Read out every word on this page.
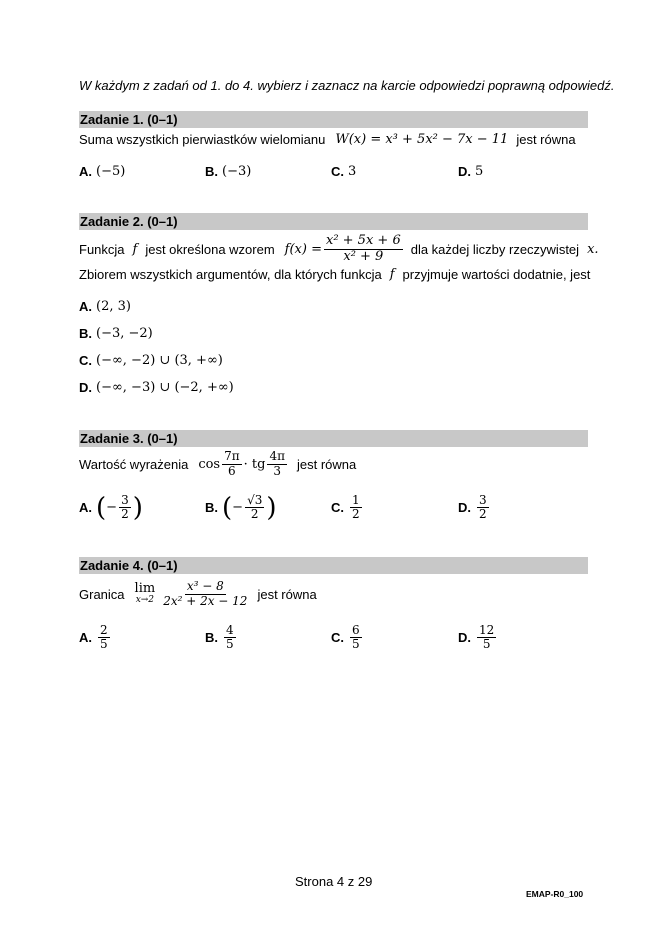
W każdym z zadań od 1. do 4. wybierz i zaznacz na karcie odpowiedzi poprawną odpowiedź.
Zadanie 1. (0–1)
Suma wszystkich pierwiastków wielomianu W(x) = x³ + 5x² − 7x − 11 jest równa
A. (−5)	B. (−3)	C. 3	D. 5
Zadanie 2. (0–1)
Funkcja f jest określona wzorem $f(x) = \frac{\text{x² + 5x + 6}}{\text{x² + 9}}$ dla każdej liczby rzeczywistej x.
Zbiorem wszystkich argumentów, dla których funkcja f przyjmuje wartości dodatnie, jest
A. (2, 3)
B. (−3, −2)
C. (−∞, −2) ∪ (3, +∞)
D. (−∞, −3) ∪ (−2, +∞)
Zadanie 3. (0–1)
Wartość wyrażenia $\cos \frac{7\pi}{6}$ · tg $\frac{4\pi}{3}$ jest równa
A. ( − $\frac{3}{2}$ )	B. ( − $\frac{√3}{2}$ )	C. $\frac{1}{2}$	D. $\frac{3}{2}$
Zadanie 4. (0–1)
Granica lim
$x\to 2 \frac{\text{x³ − 8}}{\text{2x² + 2x − 12}}$ jest równa
A. $\frac{2}{5}$	B. $\frac{4}{5}$	C. $\frac{6}{5}$	D. $\frac{12}{5}$
Strona 4 z 29
EMAP-R0_100
